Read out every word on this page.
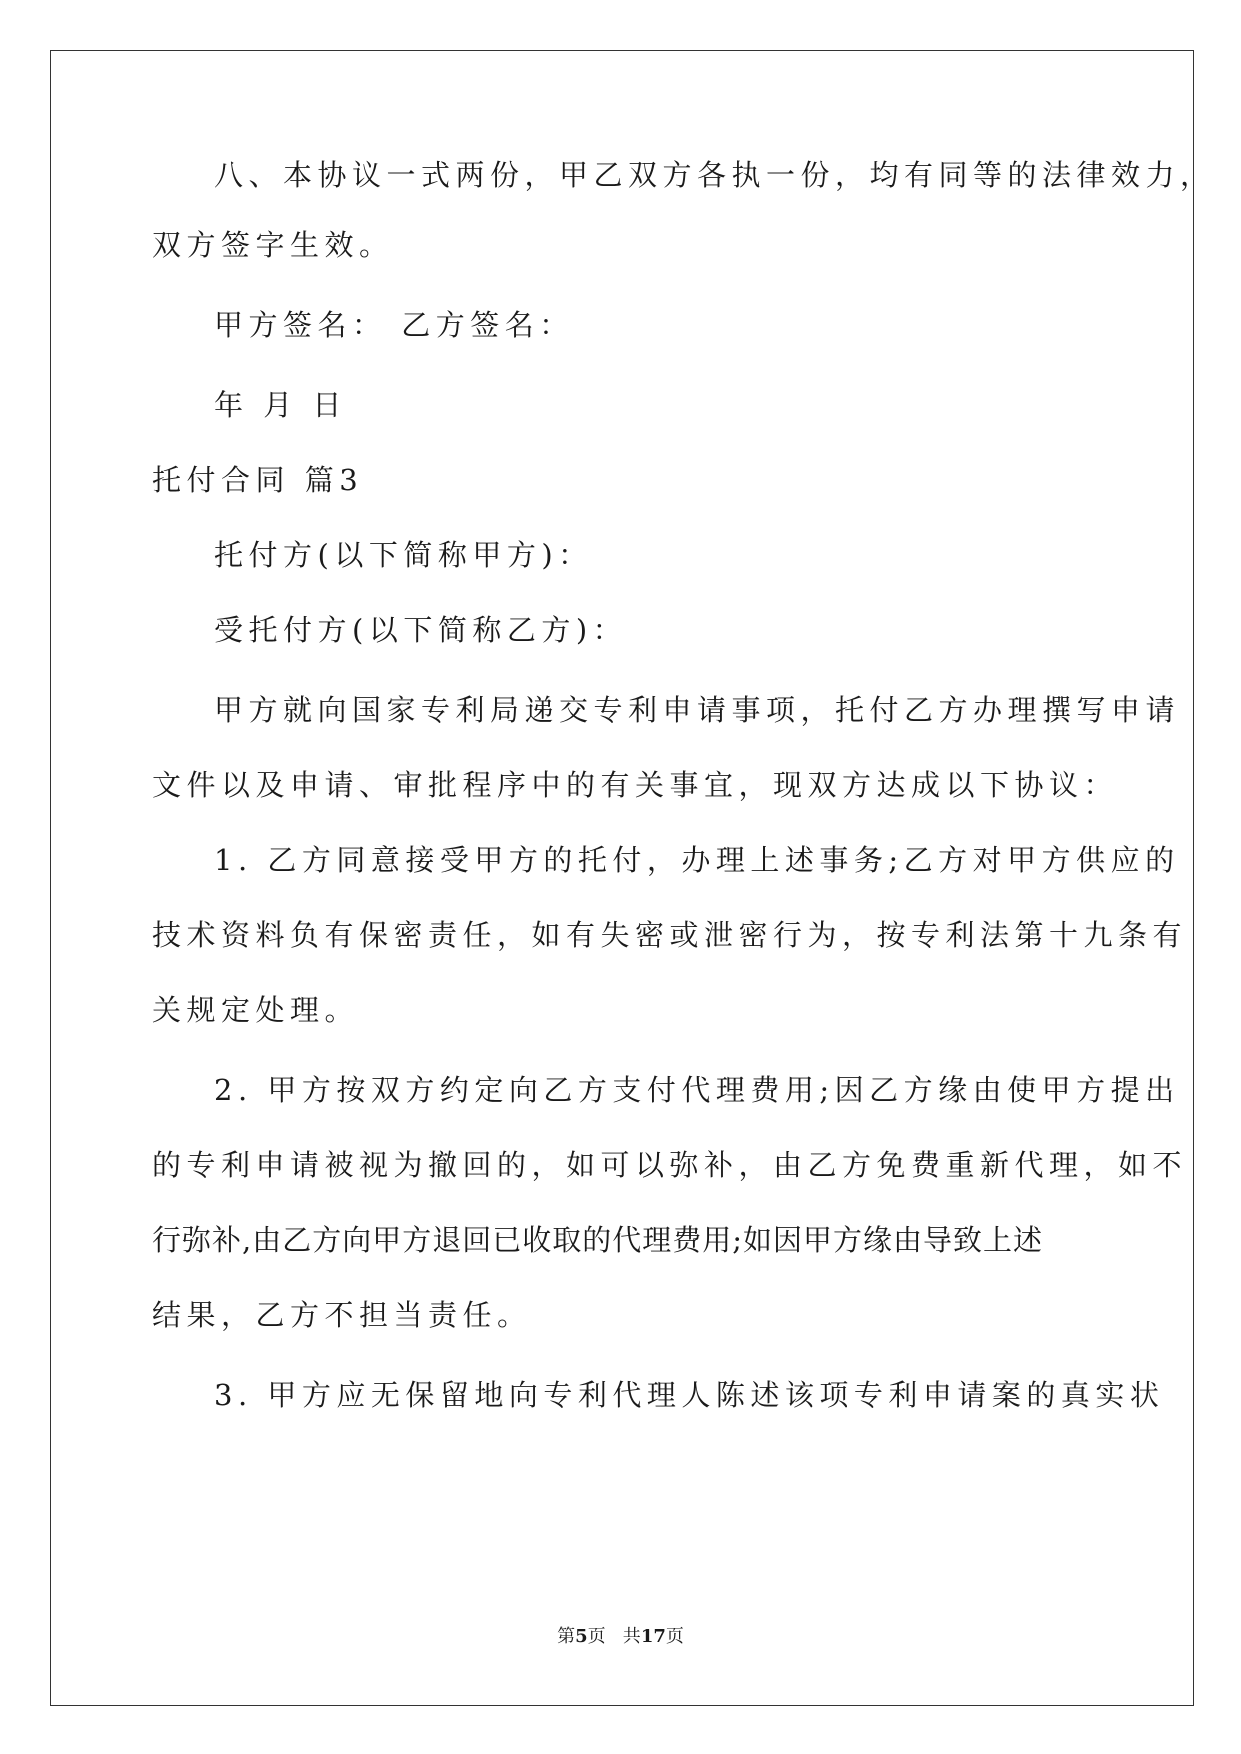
八、本协议一式两份，甲乙双方各执一份，均有同等的法律效力，
双方签字生效。
甲方签名： 乙方签名：
年 月 日
托付合同 篇3
托付方(以下简称甲方)：
受托付方(以下简称乙方)：
甲方就向国家专利局递交专利申请事项，托付乙方办理撰写申请
文件以及申请、审批程序中的有关事宜，现双方达成以下协议：
1. 乙方同意接受甲方的托付，办理上述事务;乙方对甲方供应的
技术资料负有保密责任，如有失密或泄密行为，按专利法第十九条有
关规定处理。
2. 甲方按双方约定向乙方支付代理费用;因乙方缘由使甲方提出
的专利申请被视为撤回的，如可以弥补，由乙方免费重新代理，如不
行弥补,由乙方向甲方退回已收取的代理费用;如因甲方缘由导致上述
结果，乙方不担当责任。
3. 甲方应无保留地向专利代理人陈述该项专利申请案的真实状
第5页   共17页
